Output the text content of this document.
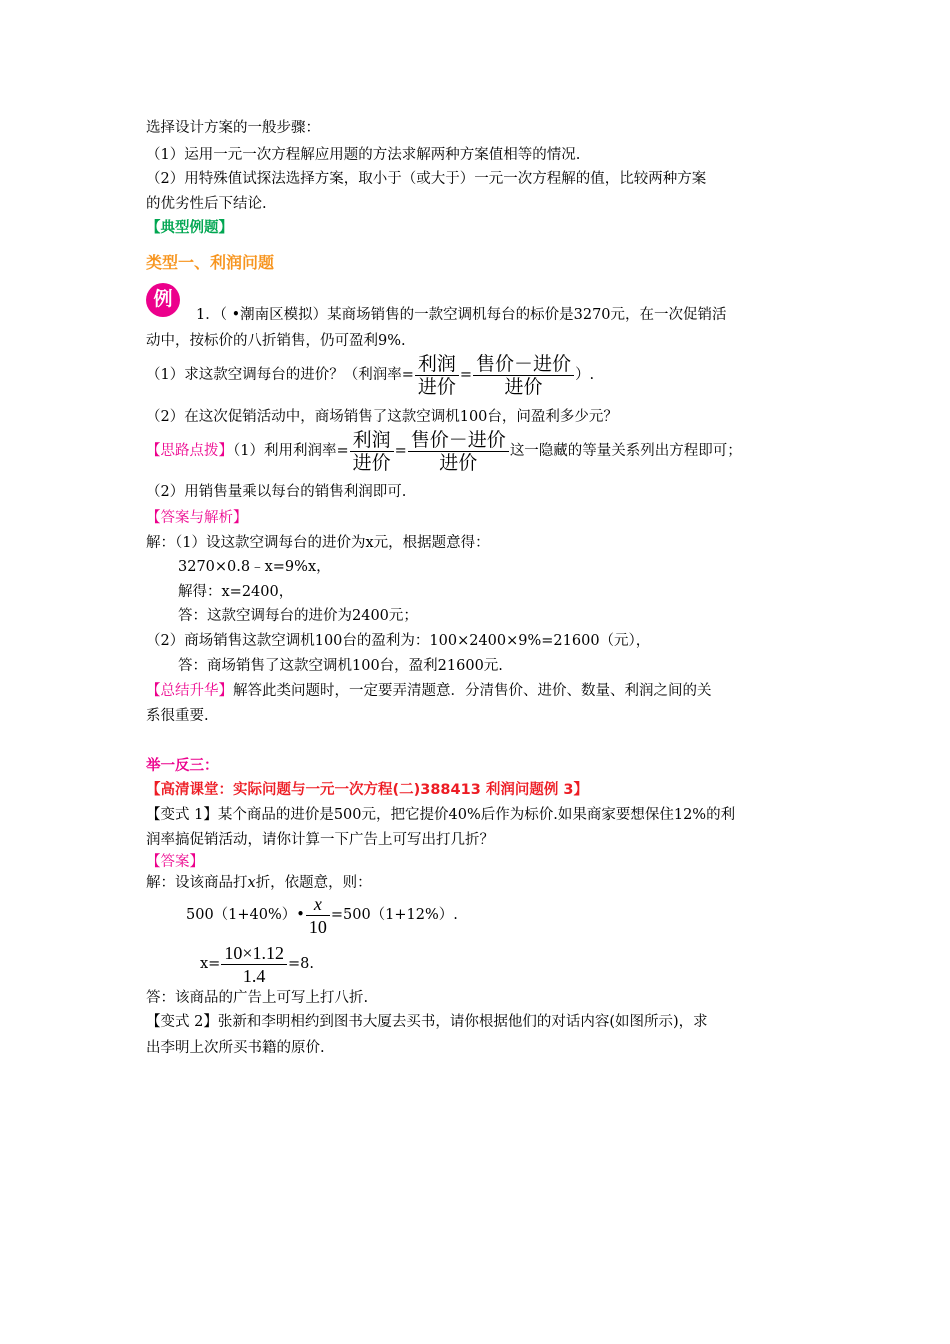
选择设计方案的一般步骤：
（1）运用一元一次方程解应用题的方法求解两种方案值相等的情况.
（2）用特殊值试探法选择方案，取小于（或大于）一元一次方程解的值，比较两种方案
的优劣性后下结论.
【典型例题】
类型一、利润问题
例
1．（ •潮南区模拟）某商场销售的一款空调机每台的标价是3270元，在一次促销活
动中，按标价的八折销售，仍可盈利9%.
（1）求这款空调每台的进价？（利润率= $\frac{\text{利润}}{\text{进价}} = \frac{\text{售价－进价}}{\text{进价}}$ ）.
（2）在这次促销活动中，商场销售了这款空调机100台，问盈利多少元？
【思路点拨】（1）利用利润率= $\frac{\text{利润}}{\text{进价}} = \frac{\text{售价－进价}}{\text{进价}}$ 这一隐藏的等量关系列出方程即可；
（2）用销售量乘以每台的销售利润即可.
【答案与解析】
解：（1）设这款空调每台的进价为x元，根据题意得：
3270×0.8﹣x=9%x，
解得：x=2400，
答：这款空调每台的进价为2400元；
（2）商场销售这款空调机100台的盈利为：100×2400×9%=21600（元），
答：商场销售了这款空调机100台，盈利21600元.
【总结升华】解答此类问题时，一定要弄清题意．分清售价、进价、数量、利润之间的关
系很重要.
举一反三：
【高清课堂：实际问题与一元一次方程(二)388413 利润问题例 3】
【变式 1】某个商品的进价是500元，把它提价40%后作为标价.如果商家要想保住12%的利
润率搞促销活动，请你计算一下广告上可写出打几折？
【答案】
解：设该商品打x折，依题意，则：
500（1+40%）• $\frac{x}{10} =500(1+12\%)$.
$x= \frac{10\times 1.12}{1.4} =8$.
答：该商品的广告上可写上打八折.
【变式 2】张新和李明相约到图书大厦去买书，请你根据他们的对话内容(如图所示)，求
出李明上次所买书籍的原价.
